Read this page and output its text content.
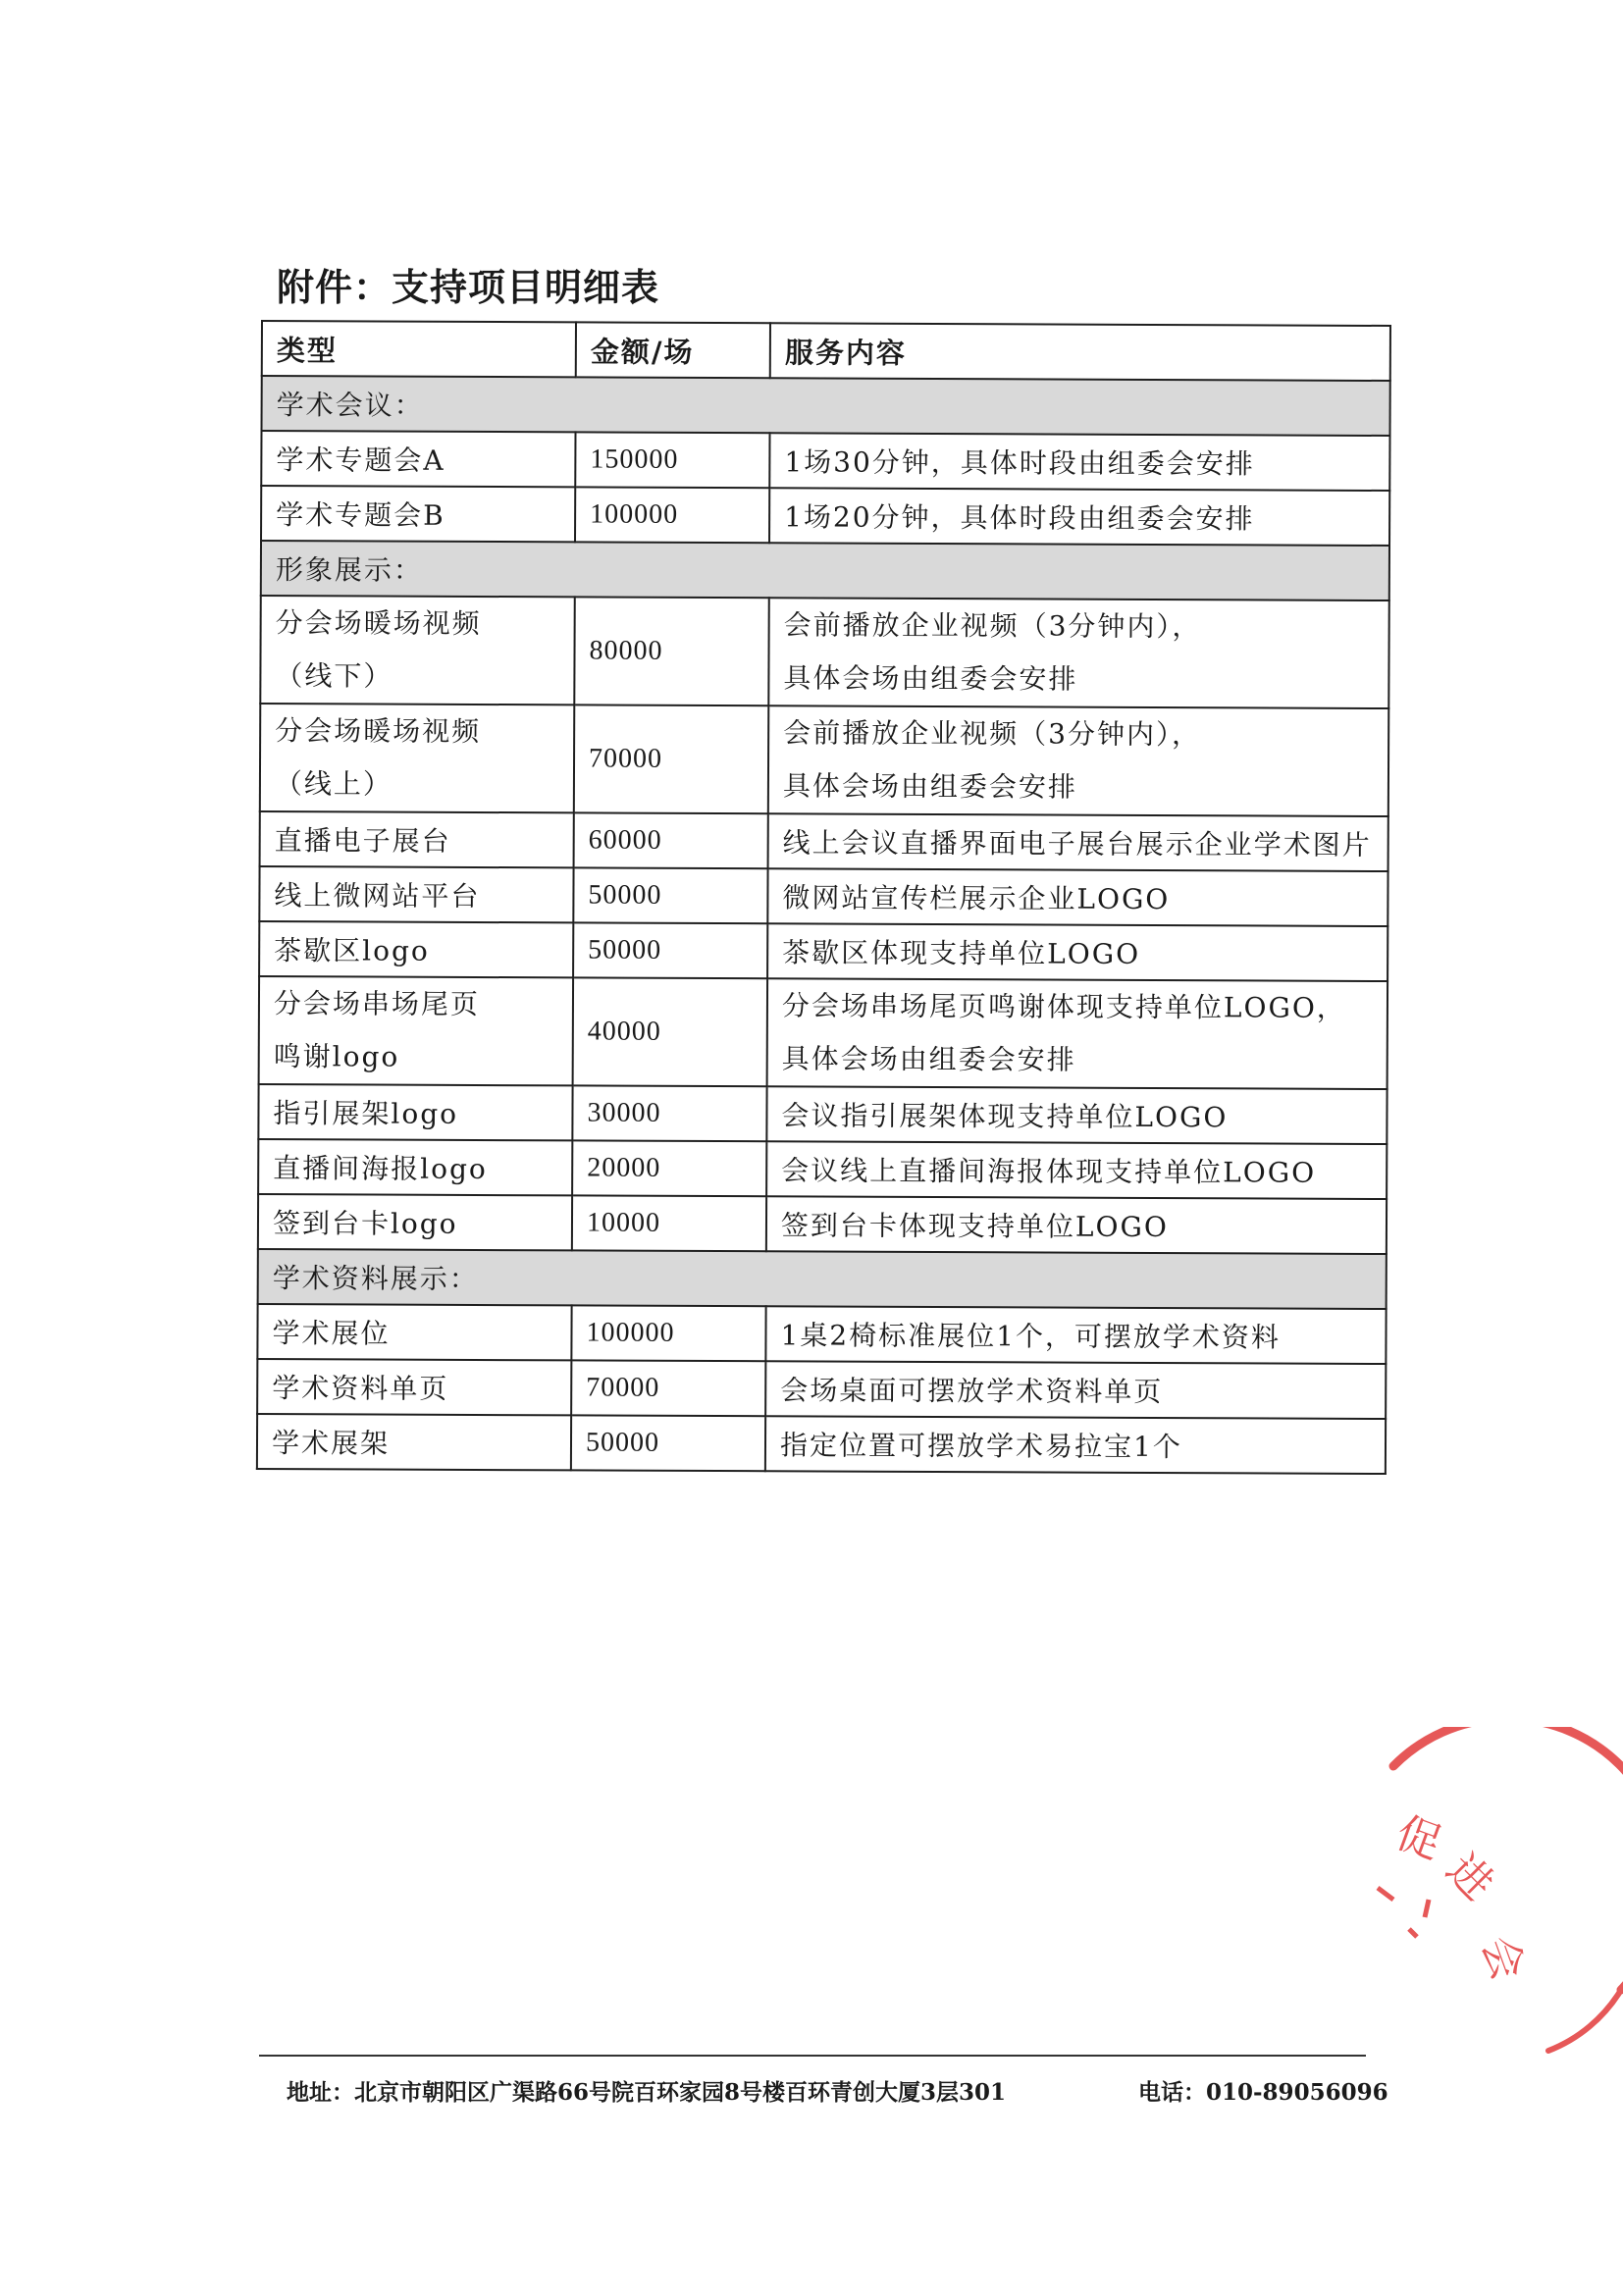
附件：支持项目明细表
类型	金额/场	服务内容
学术会议：		

学术专题会A	150000	1场30分钟，具体时段由组委会安排

学术专题会B	100000	1场20分钟，具体时段由组委会安排

形象展示：		

分会场暖场视频
（线下）	80000	会前播放企业视频（3分钟内），
具体会场由组委会安排

分会场暖场视频
（线上）	70000	会前播放企业视频（3分钟内），
具体会场由组委会安排

直播电子展台	60000	线上会议直播界面电子展台展示企业学术图片

线上微网站平台	50000	微网站宣传栏展示企业LOGO

茶歇区logo	50000	茶歇区体现支持单位LOGO

分会场串场尾页
鸣谢logo	40000	分会场串场尾页鸣谢体现支持单位LOGO，
具体会场由组委会安排

指引展架logo	30000	会议指引展架体现支持单位LOGO

直播间海报logo	20000	会议线上直播间海报体现支持单位LOGO

签到台卡logo	10000	签到台卡体现支持单位LOGO

学术资料展示：		

学术展位	100000	1桌2椅标准展位1个，可摆放学术资料

学术资料单页	70000	会场桌面可摆放学术资料单页

学术展架	50000	指定位置可摆放学术易拉宝1个
地址：北京市朝阳区广渠路66号院百环家园8号楼百环青创大厦3层301	电话：010-89056096
促
进
会
